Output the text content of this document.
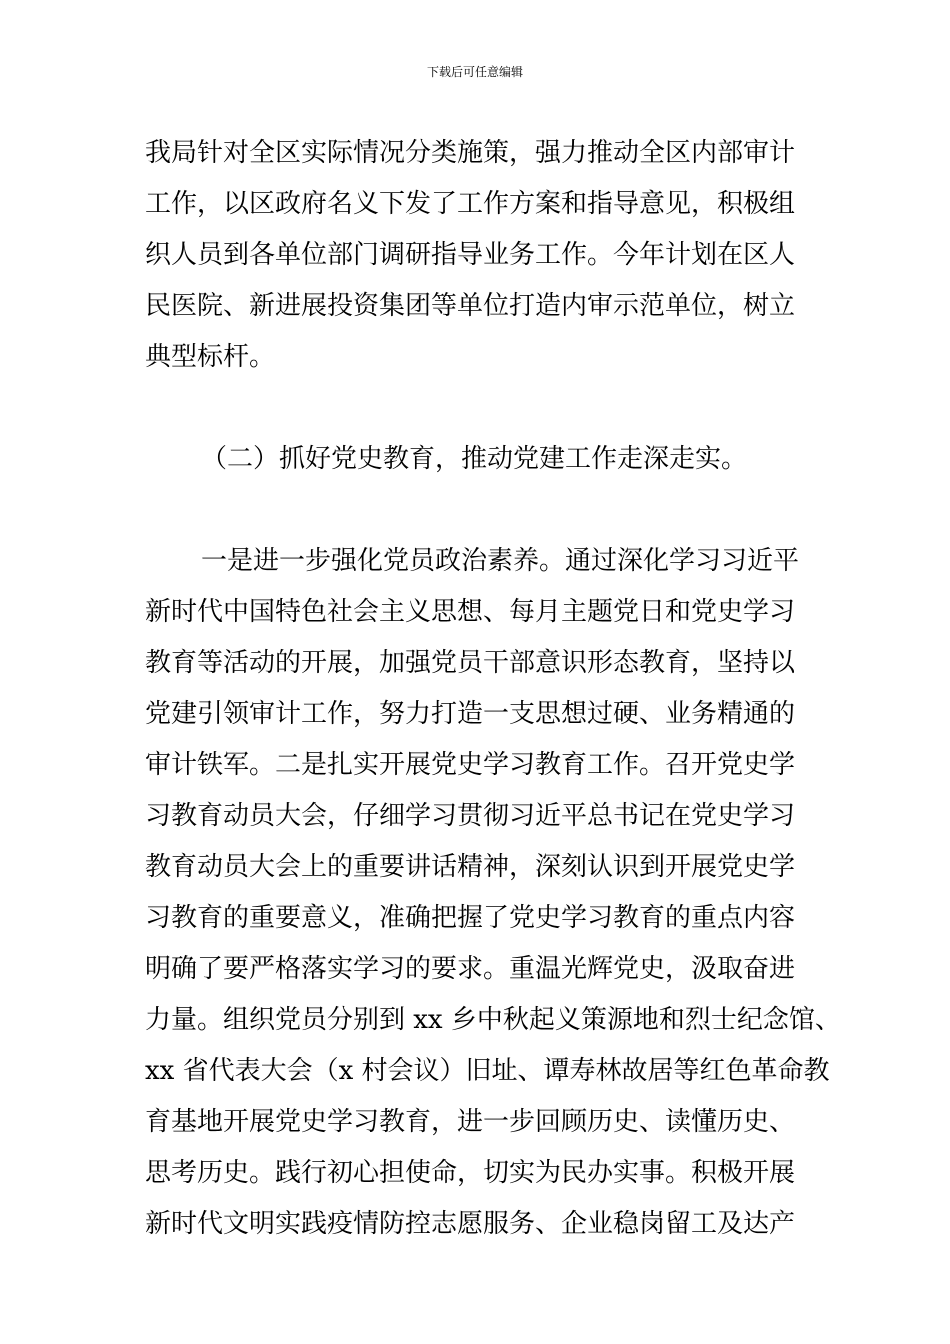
下载后可任意编辑
我局针对全区实际情况分类施策，强力推动全区内部审计
工作，以区政府名义下发了工作方案和指导意见，积极组
织人员到各单位部门调研指导业务工作。今年计划在区人
民医院、新进展投资集团等单位打造内审示范单位，树立
典型标杆。
（二）抓好党史教育，推动党建工作走深走实。
一是进一步强化党员政治素养。通过深化学习习近平
新时代中国特色社会主义思想、每月主题党日和党史学习
教育等活动的开展，加强党员干部意识形态教育，坚持以
党建引领审计工作，努力打造一支思想过硬、业务精通的
审计铁军。二是扎实开展党史学习教育工作。召开党史学
习教育动员大会，仔细学习贯彻习近平总书记在党史学习
教育动员大会上的重要讲话精神，深刻认识到开展党史学
习教育的重要意义，准确把握了党史学习教育的重点内容
明确了要严格落实学习的要求。重温光辉党史，汲取奋进
力量。组织党员分别到 xx 乡中秋起义策源地和烈士纪念馆、
xx 省代表大会（x 村会议）旧址、谭寿林故居等红色革命教
育基地开展党史学习教育，进一步回顾历史、读懂历史、
思考历史。践行初心担使命，切实为民办实事。积极开展
新时代文明实践疫情防控志愿服务、企业稳岗留工及达产
